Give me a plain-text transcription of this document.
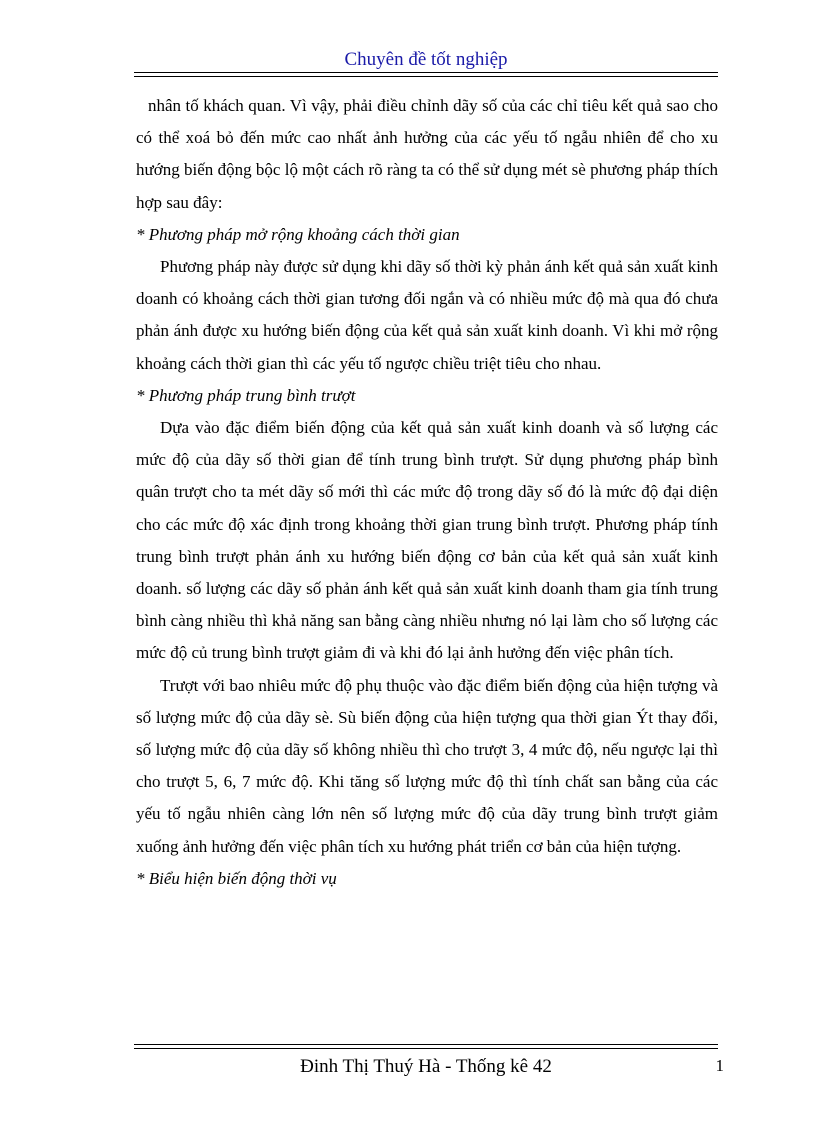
Chuyên đề tốt nghiệp

nhân tố khách quan. Vì vậy, phải điều chỉnh dãy số của các chỉ tiêu kết quả sao cho có thể xoá bỏ đến mức cao nhất ảnh hưởng của các yếu tố ngẫu nhiên để cho xu hướng biến động bộc lộ một cách rõ ràng ta có thể sử dụng mét sè phương pháp thích hợp sau đây:

* Phương pháp mở rộng khoảng cách thời gian

Phương pháp này được sử dụng khi dãy số thời kỳ phản ánh kết quả sản xuất kinh doanh có khoảng cách thời gian tương đối ngắn và có nhiều mức độ mà qua đó chưa phản ánh được xu hướng biến động của kết quả sản xuất kinh doanh. Vì khi mở rộng khoảng cách thời gian thì các yếu tố ngược chiều triệt tiêu cho nhau.

* Phương pháp trung bình trượt

Dựa vào đặc điểm biến động của kết quả sản xuất kinh doanh và số lượng các mức độ của dãy số thời gian để tính trung bình trượt. Sử dụng phương pháp bình quân trượt cho ta mét dãy số mới thì các mức độ trong dãy số đó là mức độ đại diện cho các mức độ xác định trong khoảng thời gian trung bình trượt. Phương pháp tính trung bình trượt phản ánh xu hướng biến động cơ bản của kết quả sản xuất kinh doanh. số lượng các dãy số phản ánh kết quả sản xuất kinh doanh tham gia tính trung bình càng nhiều thì khả năng san bằng càng nhiều nhưng nó lại làm cho số lượng các mức độ củ trung bình trượt giảm đi và khi đó lại ảnh hưởng đến việc phân tích.

Trượt với bao nhiêu mức độ phụ thuộc vào đặc điểm biến động của hiện tượng và số lượng mức độ của dãy sè. Sù biến động của hiện tượng qua thời gian Ýt thay đổi, số lượng mức độ của dãy số không nhiều thì cho trượt 3, 4 mức độ, nếu ngược lại thì cho trượt 5, 6, 7 mức độ. Khi tăng số lượng mức độ thì tính chất san bằng của các yếu tố ngẫu nhiên càng lớn nên số lượng mức độ của dãy trung bình trượt giảm xuống ảnh hưởng đến việc phân tích xu hướng phát triển cơ bản của hiện tượng.

* Biểu hiện biến động thời vụ

Đinh Thị Thuý Hà - Thống kê 42	1
